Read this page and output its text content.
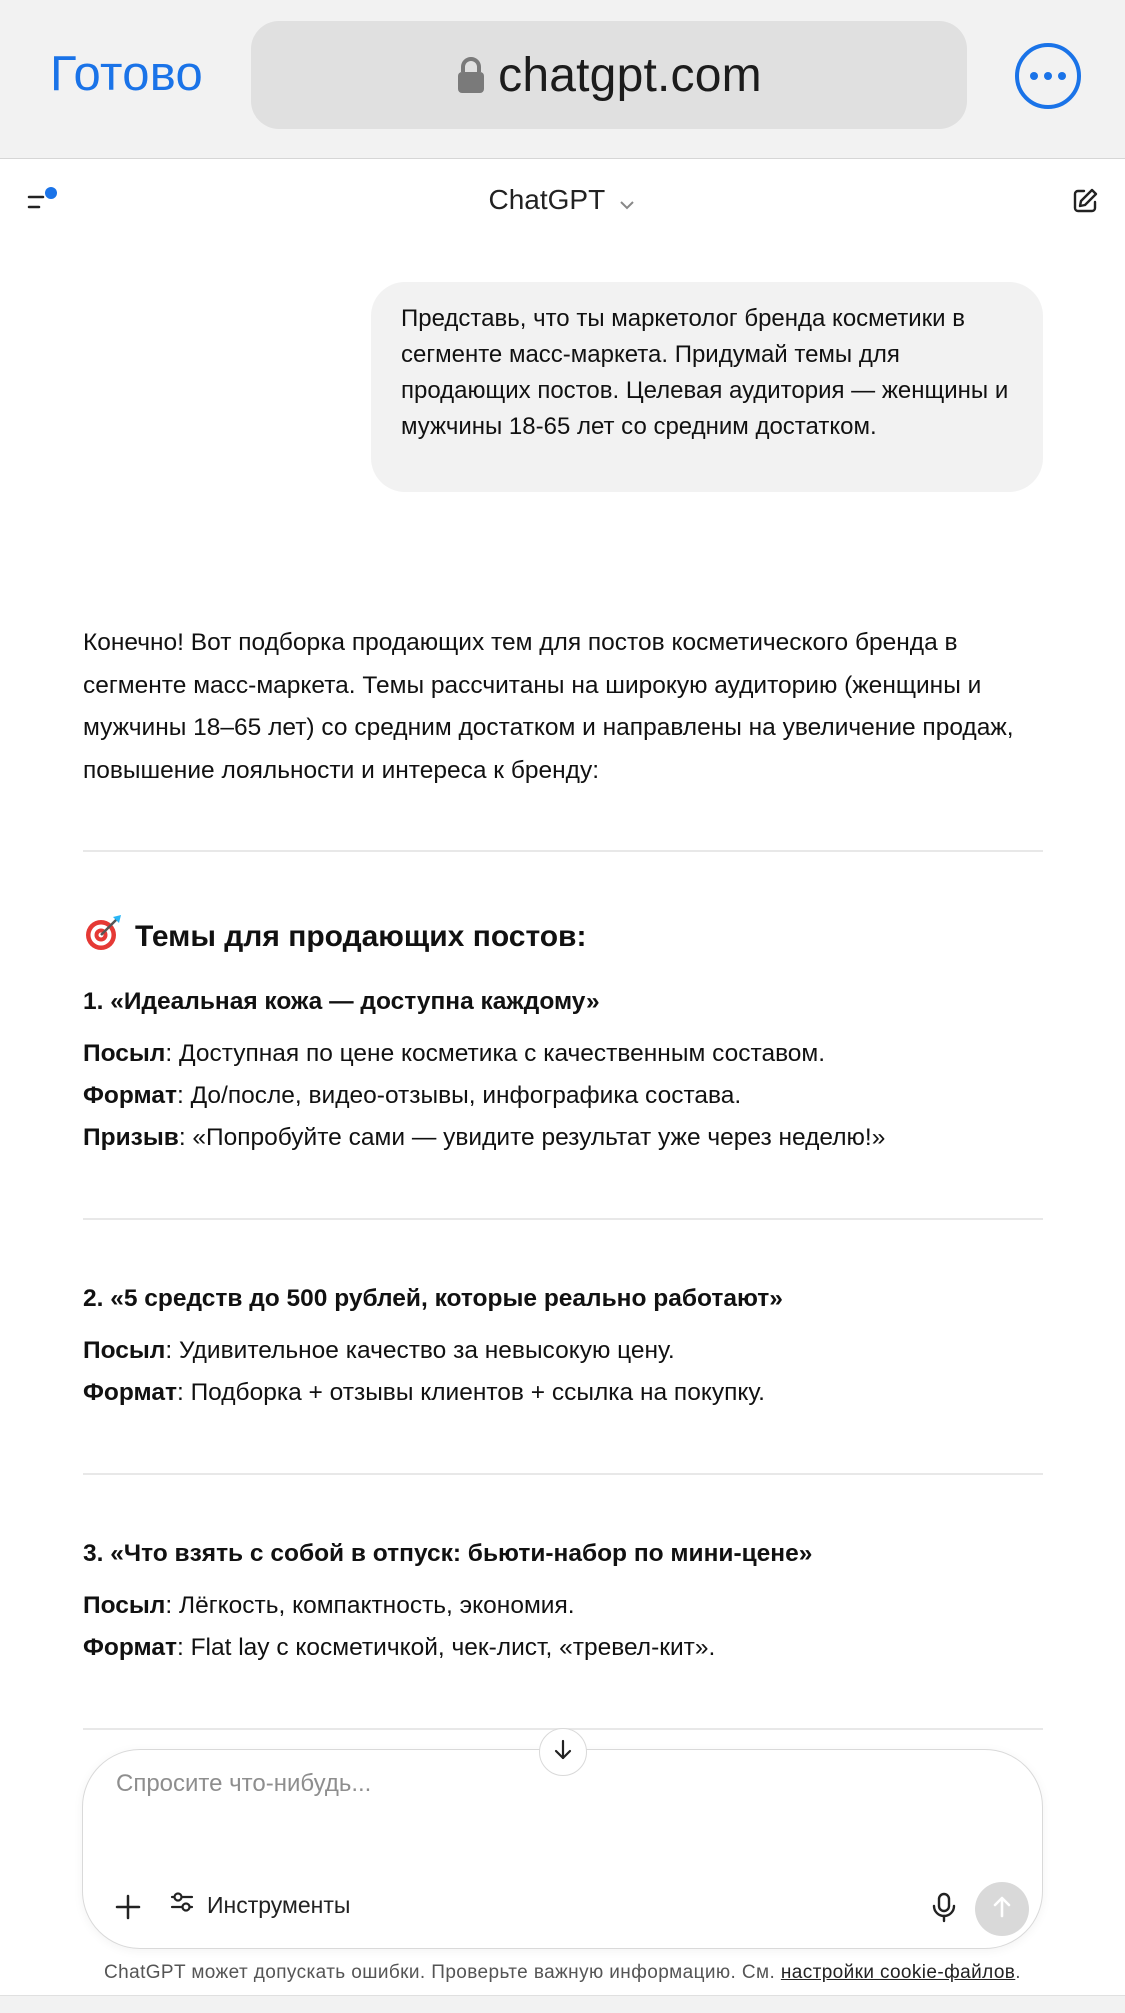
Готово	chatgpt.com
ChatGPT
Представь, что ты маркетолог бренда косметики в сегменте масс-маркета. Придумай темы для продающих постов. Целевая аудитория — женщины и мужчины 18-65 лет со средним достатком.
Конечно! Вот подборка продающих тем для постов косметического бренда в сегменте масс-маркета. Темы рассчитаны на широкую аудиторию (женщины и мужчины 18–65 лет) со средним достатком и направлены на увеличение продаж, повышение лояльности и интереса к бренду:
Темы для продающих постов:
1. «Идеальная кожа — доступна каждому»
Посыл: Доступная по цене косметика с качественным составом.
Формат: До/после, видео-отзывы, инфографика состава.
Призыв: «Попробуйте сами — увидите результат уже через неделю!»
2. «5 средств до 500 рублей, которые реально работают»
Посыл: Удивительное качество за невысокую цену.
Формат: Подборка + отзывы клиентов + ссылка на покупку.
3. «Что взять с собой в отпуск: бьюти-набор по мини-цене»
Посыл: Лёгкость, компактность, экономия.
Формат: Flat lay с косметичкой, чек-лист, «тревел-кит».
Спросите что-нибудь...
Инструменты
ChatGPT может допускать ошибки. Проверьте важную информацию. См. настройки cookie-файлов.
